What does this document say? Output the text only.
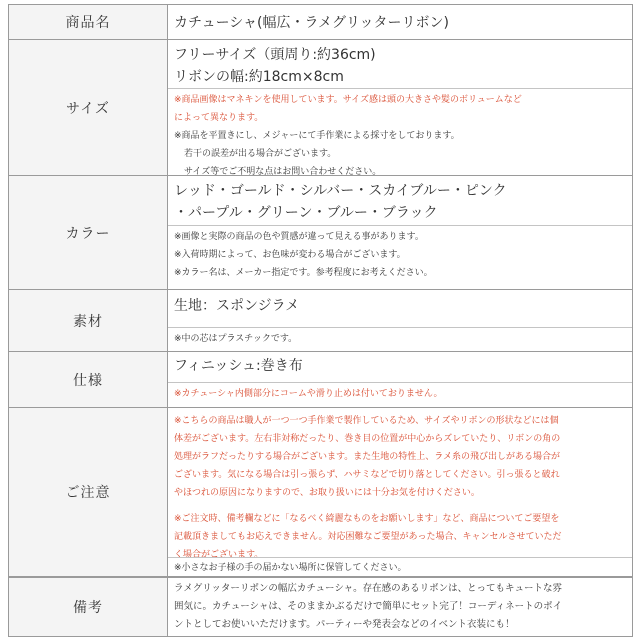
商品名	カチューシャ(幅広・ラメグリッターリボン)
サイズ
フリーサイズ（頭周り:約36cm)
リボンの幅:約18cm×8cm
※商品画像はマネキンを使用しています。サイズ感は頭の大きさや髪のボリュームなど
によって異なります。
※商品を平置きにし、メジャーにて手作業による採寸をしております。
若干の誤差が出る場合がございます。
サイズ等でご不明な点はお問い合わせください。
カラー
レッド・ゴールド・シルバー・スカイブルー・ピンク
・パープル・グリーン・ブルー・ブラック
※画像と実際の商品の色や質感が違って見える事があります。
※入荷時期によって、お色味が変わる場合がございます。
※カラー名は、メーカー指定です。参考程度にお考えください。
素材
生地：スポンジラメ
※中の芯はプラスチックです。
仕様
フィニッシュ:巻き布
※カチューシャ内側部分にコームや滑り止めは付いておりません。
ご注意
※こちらの商品は職人が一つ一つ手作業で製作しているため、サイズやリボンの形状などには個
体差がございます。左右非対称だったり、巻き目の位置が中心からズレていたり、リボンの角の
処理がラフだったりする場合がございます。また生地の特性上、ラメ糸の飛び出しがある場合が
ございます。気になる場合は引っ張らず、ハサミなどで切り落としてください。引っ張ると破れ
やほつれの原因になりますので、お取り扱いには十分お気を付けください。
※ご注文時、備考欄などに「なるべく綺麗なものをお願いします」など、商品についてご要望を
記載頂きましてもお応えできません。対応困難なご要望があった場合、キャンセルさせていただ
く場合がございます。
※小さなお子様の手の届かない場所に保管してください。
備考
ラメグリッターリボンの幅広カチューシャ。存在感のあるリボンは、とってもキュートな雰
囲気に。カチューシャは、そのままかぶるだけで簡単にセット完了！コーディネートのポイ
ントとしてお使いいただけます。パーティーや発表会などのイベント衣装にも！
